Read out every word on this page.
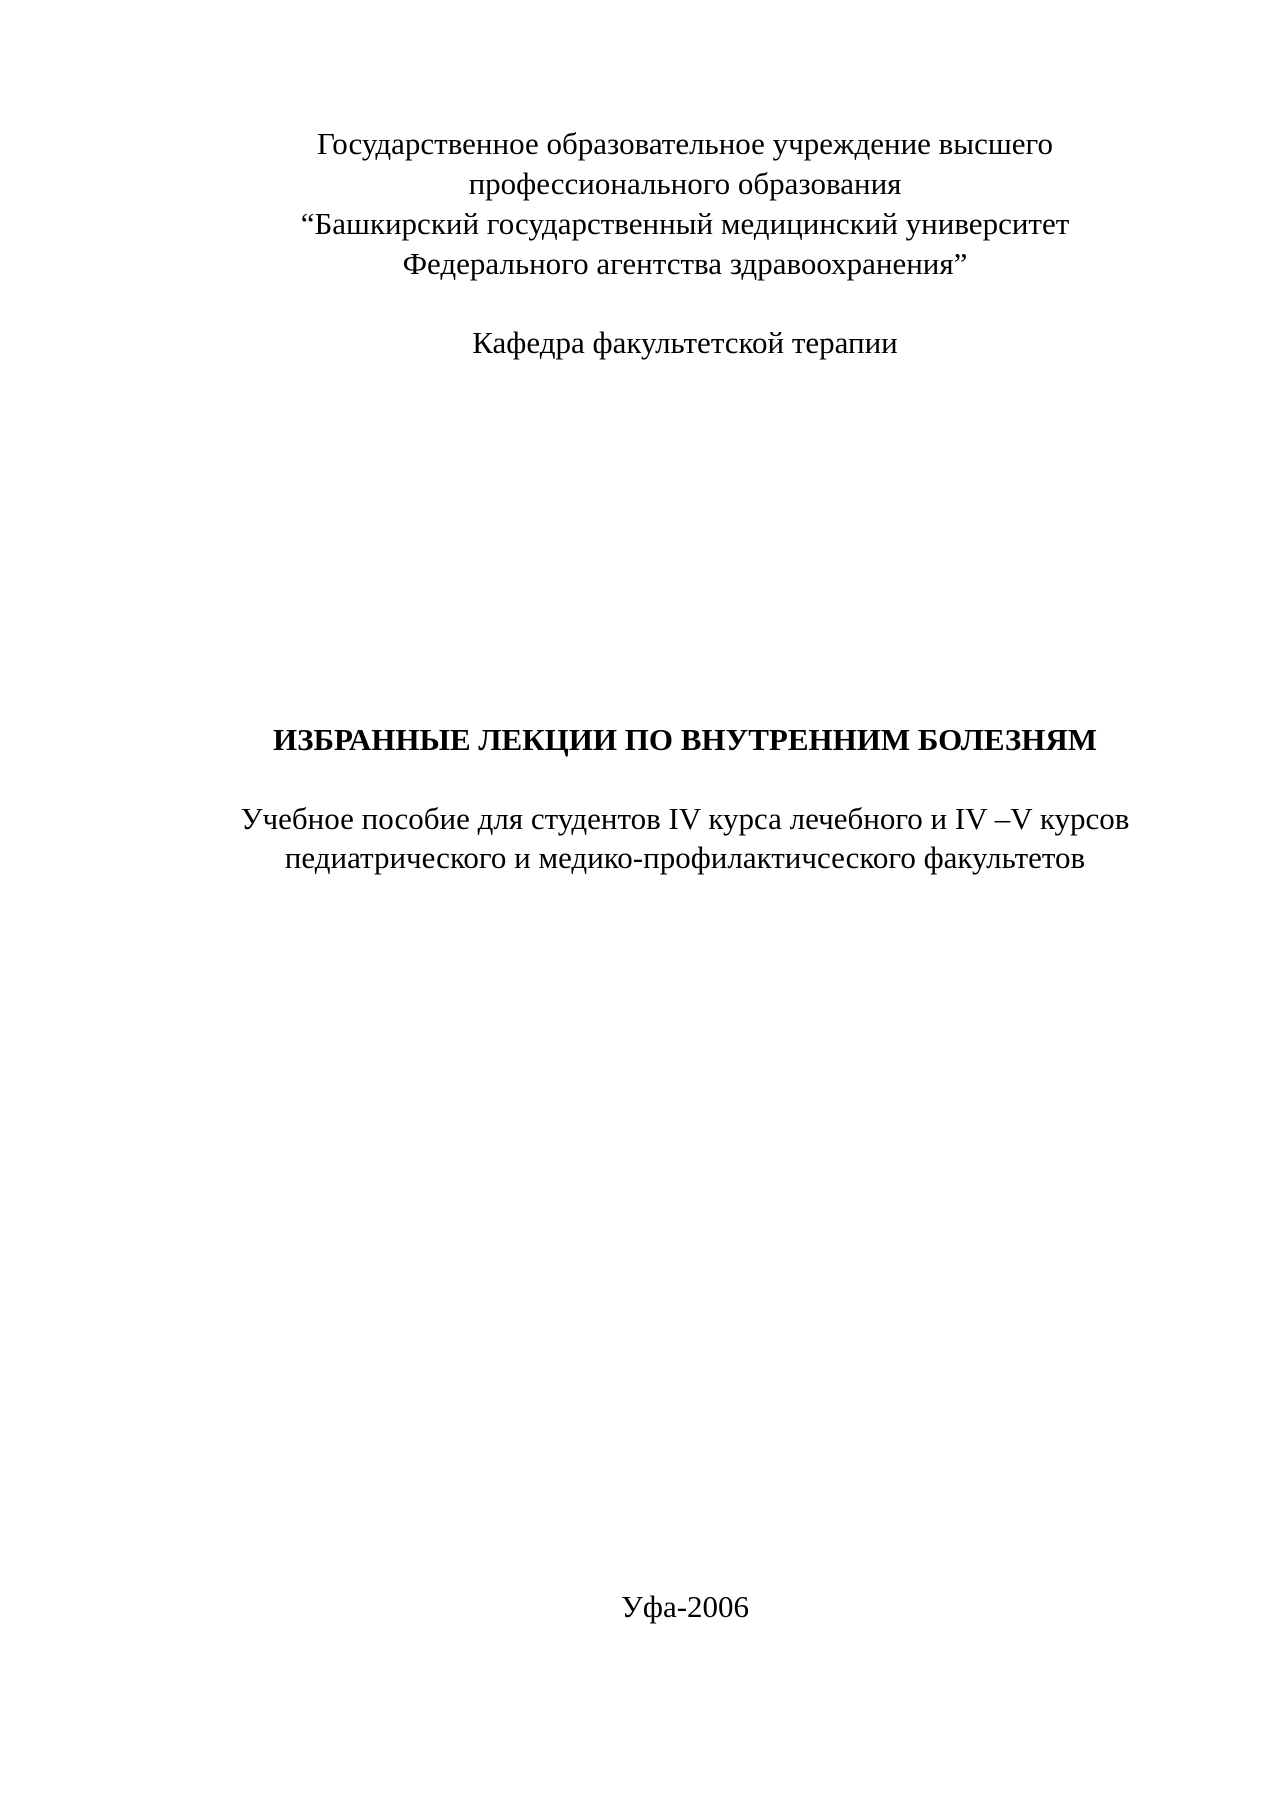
Государственное образовательное учреждение высшего
профессионального образования
“Башкирский государственный медицинский университет
Федерального агентства здравоохранения”
Кафедра факультетской терапии
ИЗБРАННЫЕ ЛЕКЦИИ ПО ВНУТРЕННИМ БОЛЕЗНЯМ
Учебное пособие для студентов IV курса лечебного и IV –V курсов
педиатрического и медико-профилактичсеского факультетов
Уфа-2006
